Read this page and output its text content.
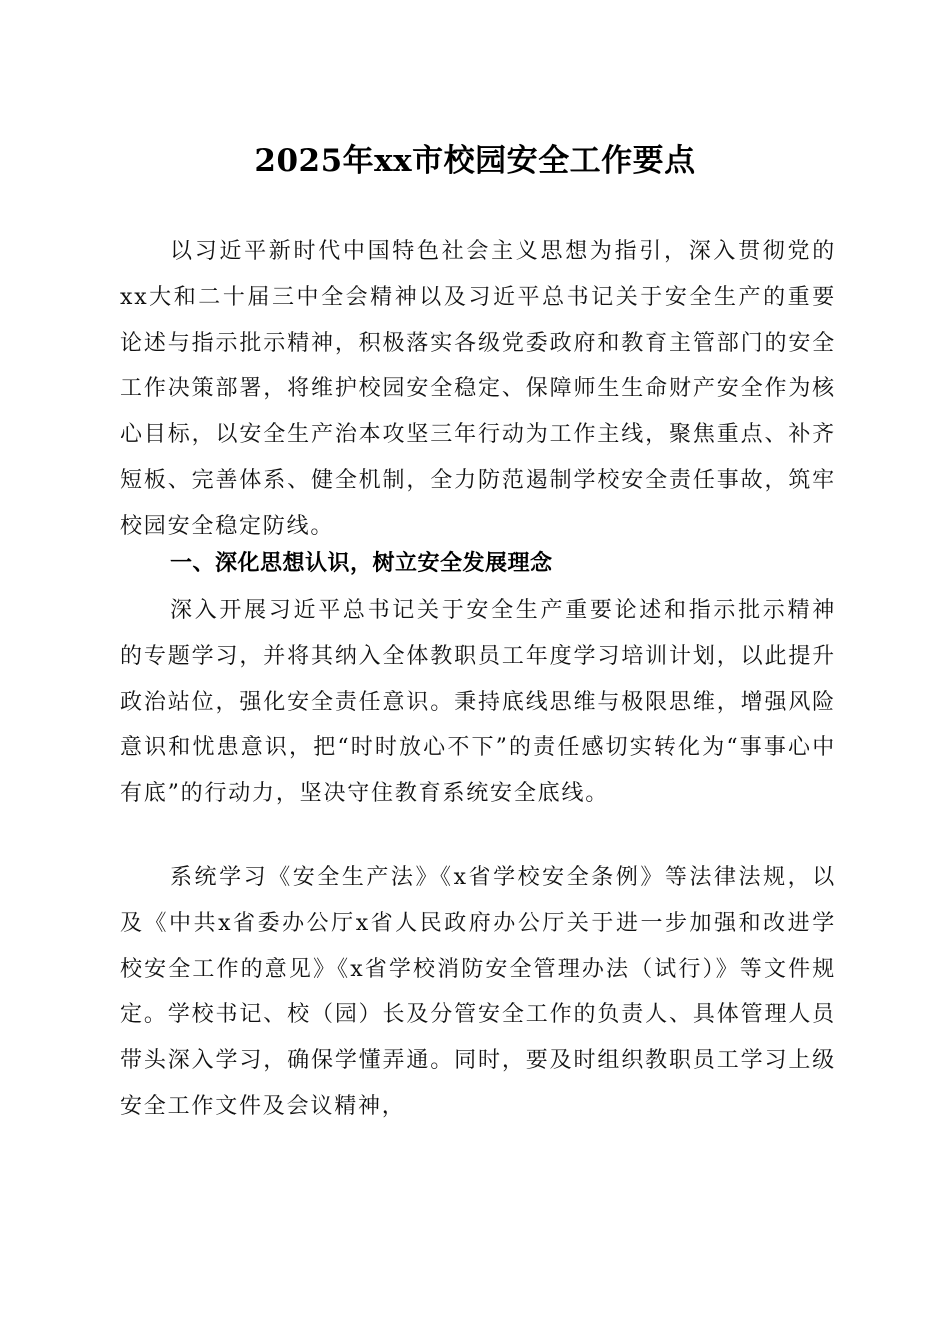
2025年xx市校园安全工作要点

以习近平新时代中国特色社会主义思想为指引，深入贯彻党的xx大和二十届三中全会精神以及习近平总书记关于安全生产的重要论述与指示批示精神，积极落实各级党委政府和教育主管部门的安全工作决策部署，将维护校园安全稳定、保障师生生命财产安全作为核心目标，以安全生产治本攻坚三年行动为工作主线，聚焦重点、补齐短板、完善体系、健全机制，全力防范遏制学校安全责任事故，筑牢校园安全稳定防线。

一、深化思想认识，树立安全发展理念

深入开展习近平总书记关于安全生产重要论述和指示批示精神的专题学习，并将其纳入全体教职员工年度学习培训计划，以此提升政治站位，强化安全责任意识。秉持底线思维与极限思维，增强风险意识和忧患意识，把“时时放心不下”的责任感切实转化为“事事心中有底”的行动力，坚决守住教育系统安全底线。

系统学习《安全生产法》《x省学校安全条例》等法律法规，以及《中共x省委办公厅x省人民政府办公厅关于进一步加强和改进学校安全工作的意见》《x省学校消防安全管理办法（试行）》等文件规定。学校书记、校（园）长及分管安全工作的负责人、具体管理人员带头深入学习，确保学懂弄通。同时，要及时组织教职员工学习上级安全工作文件及会议精神，
